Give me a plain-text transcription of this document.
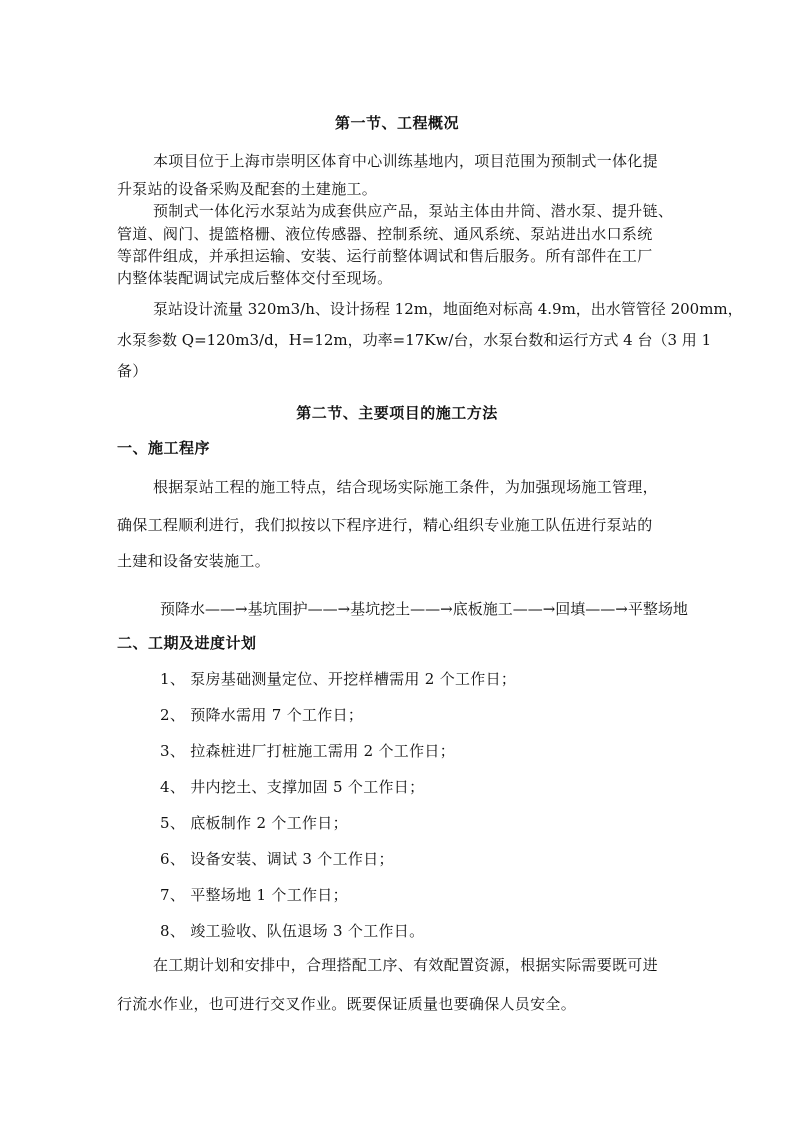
第一节、工程概况
本项目位于上海市崇明区体育中心训练基地内，项目范围为预制式一体化提
升泵站的设备采购及配套的土建施工。
预制式一体化污水泵站为成套供应产品，泵站主体由井筒、潜水泵、提升链、
管道、阀门、提篮格栅、液位传感器、控制系统、通风系统、泵站进出水口系统
等部件组成，并承担运输、安装、运行前整体调试和售后服务。所有部件在工厂
内整体装配调试完成后整体交付至现场。
泵站设计流量 320m3/h、设计扬程 12m，地面绝对标高 4.9m，出水管管径 200mm，
水泵参数 Q=120m3/d，H=12m，功率=17Kw/台，水泵台数和运行方式 4 台（3 用 1
备）
第二节、主要项目的施工方法
一、施工程序
根据泵站工程的施工特点，结合现场实际施工条件，为加强现场施工管理，
确保工程顺利进行，我们拟按以下程序进行，精心组织专业施工队伍进行泵站的
土建和设备安装施工。
预降水——→基坑围护——→基坑挖土——→底板施工——→回填——→平整场地
二、工期及进度计划
1、 泵房基础测量定位、开挖样槽需用 2 个工作日；
2、 预降水需用 7 个工作日；
3、 拉森桩进厂打桩施工需用 2 个工作日；
4、 井内挖土、支撑加固 5 个工作日；
5、 底板制作 2 个工作日；
6、 设备安装、调试 3 个工作日；
7、 平整场地 1 个工作日；
8、 竣工验收、队伍退场 3 个工作日。
在工期计划和安排中，合理搭配工序、有效配置资源，根据实际需要既可进
行流水作业，也可进行交叉作业。既要保证质量也要确保人员安全。
